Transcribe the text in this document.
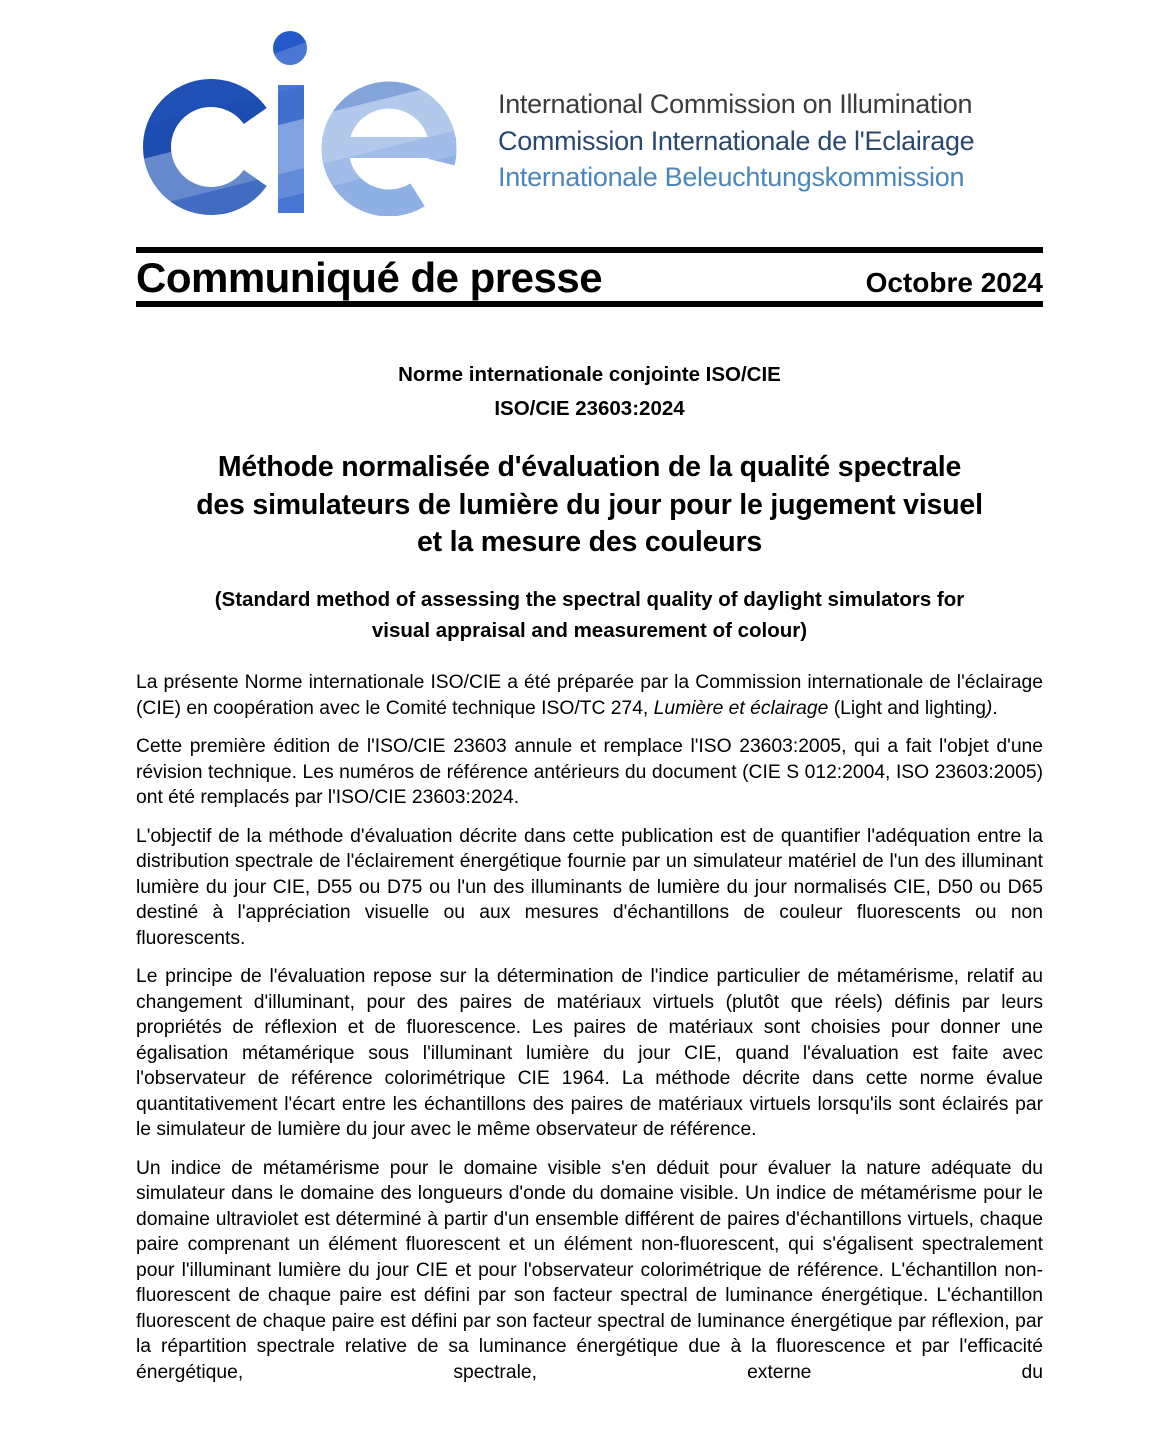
International Commission on Illumination
Commission Internationale de l'Eclairage
Internationale Beleuchtungskommission
Communiqué de presse	Octobre 2024
Norme internationale conjointe ISO/CIE
ISO/CIE 23603:2024
Méthode normalisée d'évaluation de la qualité spectrale
des simulateurs de lumière du jour pour le jugement visuel
et la mesure des couleurs
(Standard method of assessing the spectral quality of daylight simulators for
visual appraisal and measurement of colour)

La présente Norme internationale ISO/CIE a été préparée par la Commission internationale de l'éclairage (CIE) en coopération avec le Comité technique ISO/TC 274, Lumière et éclairage (Light and lighting).

Cette première édition de l'ISO/CIE 23603 annule et remplace l'ISO 23603:2005, qui a fait l'objet d'une révision technique. Les numéros de référence antérieurs du document (CIE S 012:2004, ISO 23603:2005) ont été remplacés par l'ISO/CIE 23603:2024.

L'objectif de la méthode d'évaluation décrite dans cette publication est de quantifier l'adéquation entre la distribution spectrale de l'éclairement énergétique fournie par un simulateur matériel de l'un des illuminant lumière du jour CIE, D55 ou D75 ou l'un des illuminants de lumière du jour normalisés CIE, D50 ou D65 destiné à l'appréciation visuelle ou aux mesures d'échantillons de couleur fluorescents ou non fluorescents.

Le principe de l'évaluation repose sur la détermination de l'indice particulier de métamérisme, relatif au changement d'illuminant, pour des paires de matériaux virtuels (plutôt que réels) définis par leurs propriétés de réflexion et de fluorescence. Les paires de matériaux sont choisies pour donner une égalisation métamérique sous l'illuminant lumière du jour CIE, quand l'évaluation est faite avec l'observateur de référence colorimétrique CIE 1964. La méthode décrite dans cette norme évalue quantitativement l'écart entre les échantillons des paires de matériaux virtuels lorsqu'ils sont éclairés par le simulateur de lumière du jour avec le même observateur de référence.

Un indice de métamérisme pour le domaine visible s'en déduit pour évaluer la nature adéquate du simulateur dans le domaine des longueurs d'onde du domaine visible. Un indice de métamérisme pour le domaine ultraviolet est déterminé à partir d'un ensemble différent de paires d'échantillons virtuels, chaque paire comprenant un élément fluorescent et un élément non-fluorescent, qui s'égalisent spectralement pour l'illuminant lumière du jour CIE et pour l'observateur colorimétrique de référence. L'échantillon non-fluorescent de chaque paire est défini par son facteur spectral de luminance énergétique. L'échantillon fluorescent de chaque paire est défini par son facteur spectral de luminance énergétique par réflexion, par la répartition spectrale relative de sa luminance énergétique due à la fluorescence et par l'efficacité énergétique, spectrale, externe du
